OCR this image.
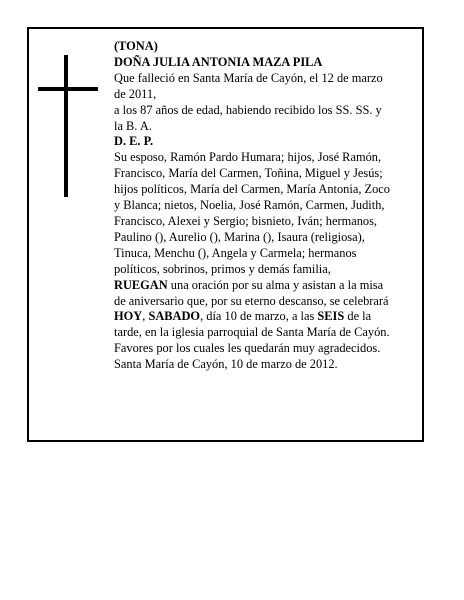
(TONA)

DOÑA JULIA ANTONIA MAZA PILA

Que falleció en Santa María de Cayón, el 12 de marzo

de 2011,

a los 87 años de edad, habiendo recibido los SS. SS. y

la B. A.

D. E. P.

Su esposo, Ramón Pardo Humara; hijos, José Ramón,

Francisco, María del Carmen, Toñina, Miguel y Jesús;

hijos políticos, María del Carmen, María Antonia, Zoco

y Blanca; nietos, Noelia, José Ramón, Carmen, Judith,

Francisco, Alexei y Sergio; bisnieto, Iván; hermanos,

Paulino (), Aurelio (), Marina (), Isaura (religiosa),

Tinuca, Menchu (), Angela y Carmela; hermanos

políticos, sobrinos, primos y demás familia,

RUEGAN una oración por su alma y asistan a la misa

de aniversario que, por su eterno descanso, se celebrará

HOY, SABADO, día 10 de marzo, a las SEIS de la

tarde, en la iglesia parroquial de Santa María de Cayón.

Favores por los cuales les quedarán muy agradecidos.

Santa María de Cayón, 10 de marzo de 2012.
